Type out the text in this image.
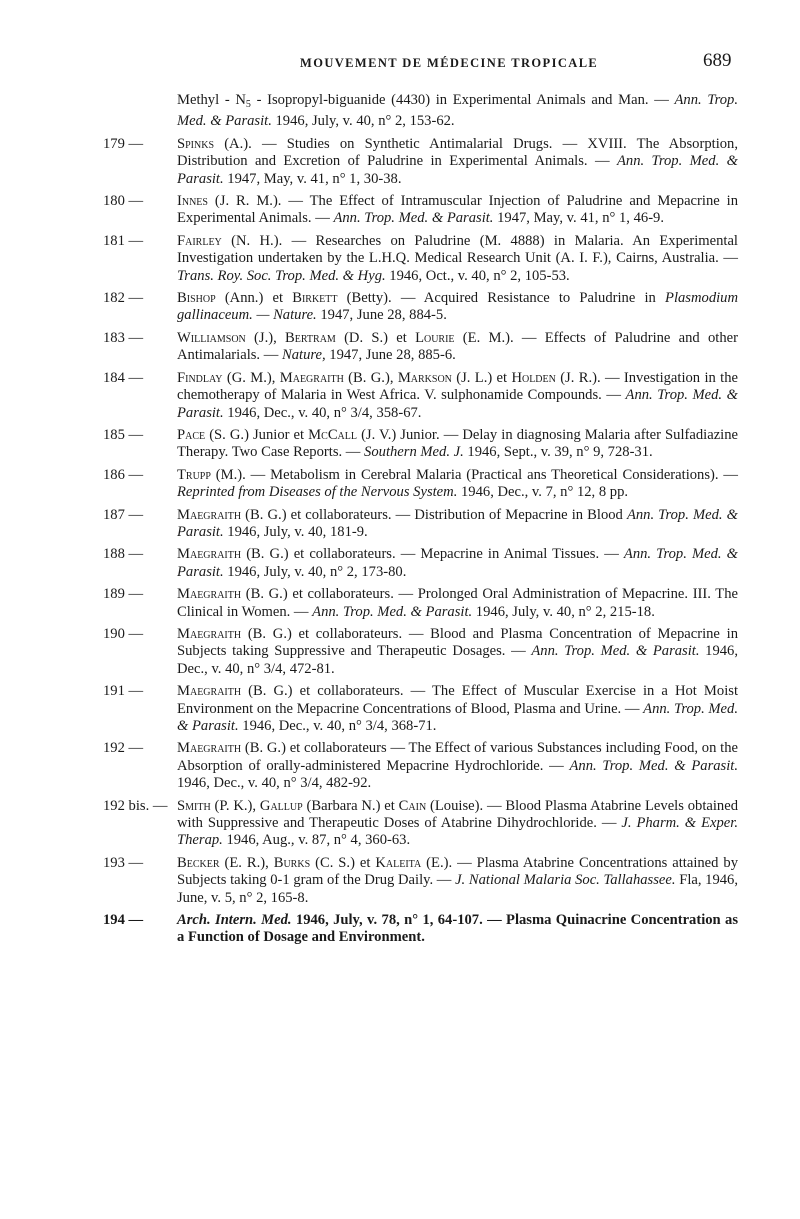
MOUVEMENT DE MÉDECINE TROPICALE	689
Methyl - $N_5$ - Isopropyl-biguanide (4430) in Experimental Animals and Man. — Ann. Trop. Med. & Parasit. 1946, July, v. 40, n° 2, 153-62.
179 — Spinks (A.). — Studies on Synthetic Antimalarial Drugs. — XVIII. The Absorption, Distribution and Excretion of Paludrine in Experimental Animals. — Ann. Trop. Med. & Parasit. 1947, May, v. 41, n° 1, 30-38.
180 — Innes (J. R. M.). — The Effect of Intramuscular Injection of Paludrine and Mepacrine in Experimental Animals. — Ann. Trop. Med. & Parasit. 1947, May, v. 41, n° 1, 46-9.
181 — Fairley (N. H.). — Researches on Paludrine (M. 4888) in Malaria. An Experimental Investigation undertaken by the L.H.Q. Medical Research Unit (A. I. F.), Cairns, Australia. — Trans. Roy. Soc. Trop. Med. & Hyg. 1946, Oct., v. 40, n° 2, 105-53.
182 — Bishop (Ann.) et Birkett (Betty). — Acquired Resistance to Paludrine in Plasmodium gallinaceum. — Nature. 1947, June 28, 884-5.
183 — Williamson (J.), Bertram (D. S.) et Lourie (E. M.). — Effects of Paludrine and other Antimalarials. — Nature, 1947, June 28, 885-6.
184 — Findlay (G. M.), Maegraith (B. G.), Markson (J. L.) et Holden (J. R.). — Investigation in the chemotherapy of Malaria in West Africa. V. sulphonamide Compounds. — Ann. Trop. Med. & Parasit. 1946, Dec., v. 40, n° 3/4, 358-67.
185 — Pace (S. G.) Junior et McCall (J. V.) Junior. — Delay in diagnosing Malaria after Sulfadiazine Therapy. Two Case Reports. — Southern Med. J. 1946, Sept., v. 39, n° 9, 728-31.
186 — Trupp (M.). — Metabolism in Cerebral Malaria (Practical ans Theoretical Considerations). — Reprinted from Diseases of the Nervous System. 1946, Dec., v. 7, n° 12, 8 pp.
187 — Maegraith (B. G.) et collaborateurs. — Distribution of Mepacrine in Blood Ann. Trop. Med. & Parasit. 1946, July, v. 40, 181-9.
188 — Maegraith (B. G.) et collaborateurs. — Mepacrine in Animal Tissues. — Ann. Trop. Med. & Parasit. 1946, July, v. 40, n° 2, 173-80.
189 — Maegraith (B. G.) et collaborateurs. — Prolonged Oral Administration of Mepacrine. III. The Clinical in Women. — Ann. Trop. Med. & Parasit. 1946, July, v. 40, n° 2, 215-18.
190 — Maegraith (B. G.) et collaborateurs. — Blood and Plasma Concentration of Mepacrine in Subjects taking Suppressive and Therapeutic Dosages. — Ann. Trop. Med. & Parasit. 1946, Dec., v. 40, n° 3/4, 472-81.
191 — Maegraith (B. G.) et collaborateurs. — The Effect of Muscular Exercise in a Hot Moist Environment on the Mepacrine Concentrations of Blood, Plasma and Urine. — Ann. Trop. Med. & Parasit. 1946, Dec., v. 40, n° 3/4, 368-71.
192 — Maegraith (B. G.) et collaborateurs — The Effect of various Substances including Food, on the Absorption of orally-administered Mepacrine Hydrochloride. — Ann. Trop. Med. & Parasit. 1946, Dec., v. 40, n° 3/4, 482-92.
192 bis. — Smith (P. K.), Gallup (Barbara N.) et Cain (Louise). — Blood Plasma Atabrine Levels obtained with Suppressive and Therapeutic Doses of Atabrine Dihydrochloride. — J. Pharm. & Exper. Therap. 1946, Aug., v. 87, n° 4, 360-63.
193 — Becker (E. R.), Burks (C. S.) et Kaleita (E.). — Plasma Atabrine Concentrations attained by Subjects taking 0-1 gram of the Drug Daily. — J. National Malaria Soc. Tallahassee. Fla, 1946, June, v. 5, n° 2, 165-8.
194 — Arch. Intern. Med. 1946, July, v. 78, n° 1, 64-107. — Plasma Quinacrine Concentration as a Function of Dosage and Environment.
